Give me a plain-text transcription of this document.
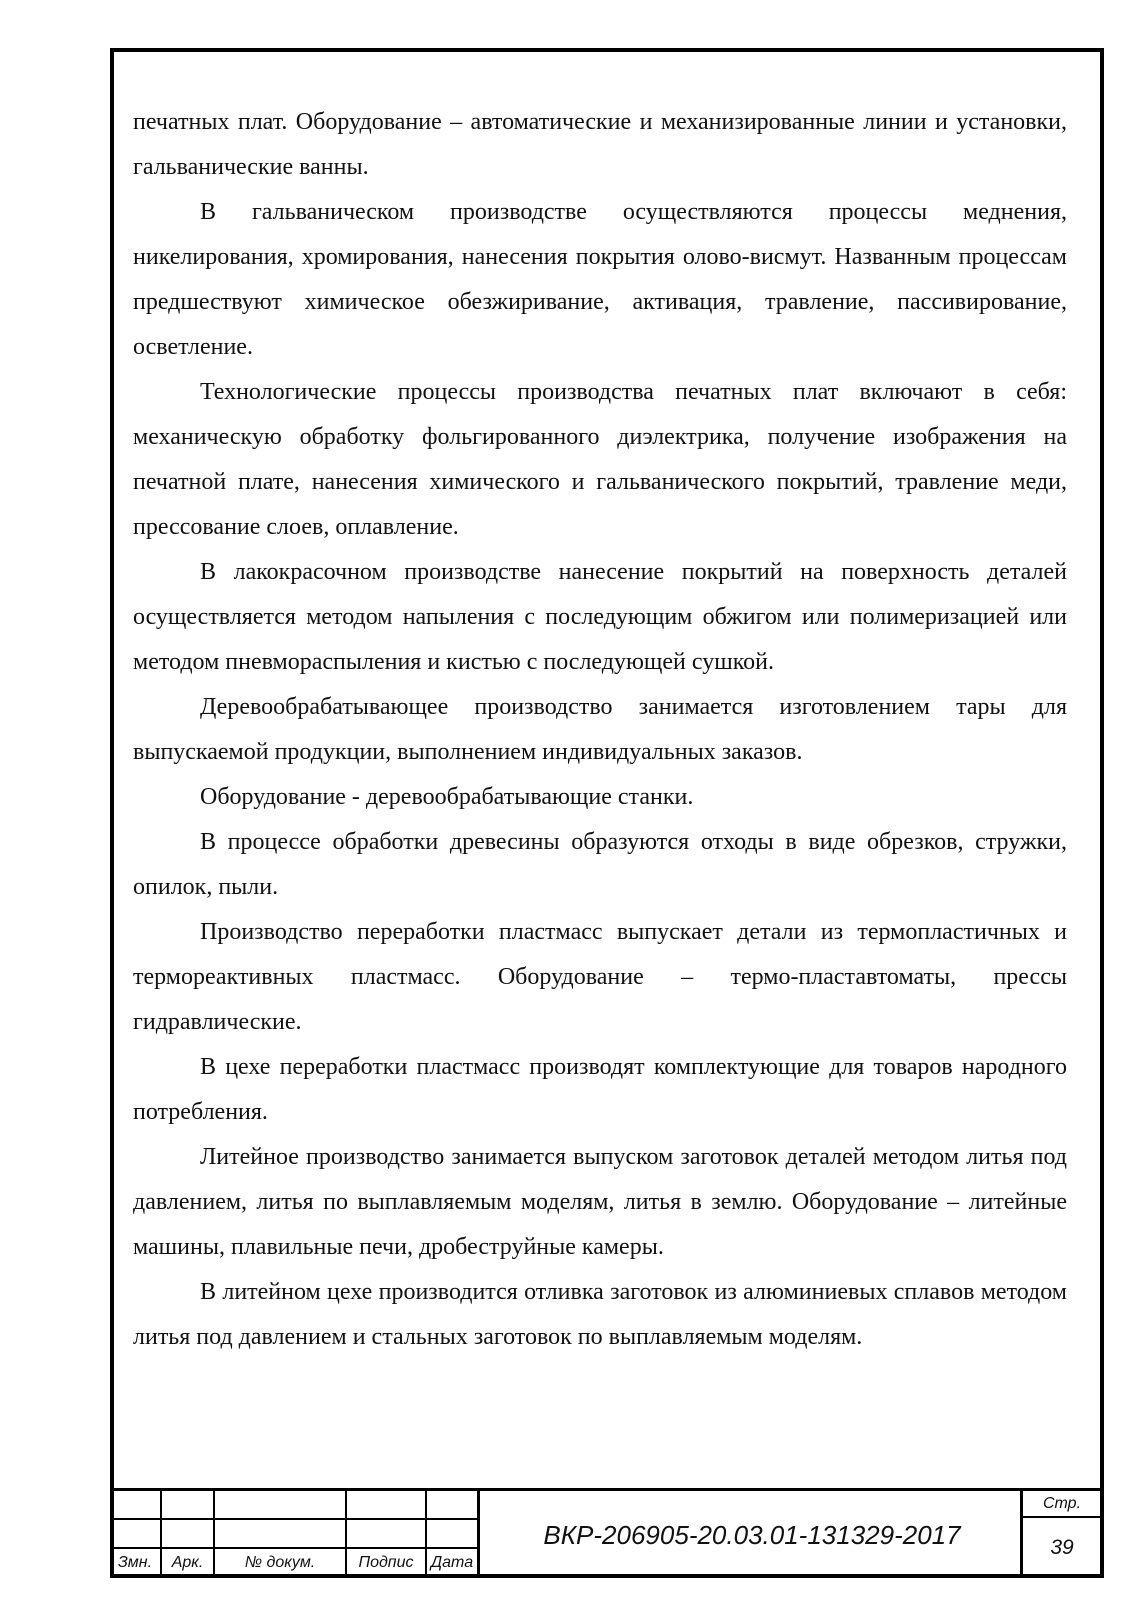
печатных плат. Оборудование – автоматические и механизированные линии и установки, гальванические ванны.

В гальваническом производстве осуществляются процессы меднения, никелирования, хромирования, нанесения покрытия олово-висмут. Названным процессам предшествуют химическое обезжиривание, активация, травление, пассивирование, осветление.

Технологические процессы производства печатных плат включают в себя: механическую обработку фольгированного диэлектрика, получение изображения на печатной плате, нанесения химического и гальванического покрытий, травление меди, прессование слоев, оплавление.

В лакокрасочном производстве нанесение покрытий на поверхность деталей осуществляется методом напыления с последующим обжигом или полимеризацией или методом пневмораспыления и кистью с последующей сушкой.

Деревообрабатывающее производство занимается изготовлением тары для выпускаемой продукции, выполнением индивидуальных заказов.

Оборудование - деревообрабатывающие станки.

В процессе обработки древесины образуются отходы в виде обрезков, стружки, опилок, пыли.

Производство переработки пластмасс выпускает детали из термопластичных и термореактивных пластмасс. Оборудование – термо-пластавтоматы, прессы гидравлические.

В цехе переработки пластмасс производят комплектующие для товаров народного потребления.

Литейное производство занимается выпуском заготовок деталей методом литья под давлением, литья по выплавляемым моделям, литья в землю. Оборудование – литейные машины, плавильные печи, дробеструйные камеры.

В литейном цехе производится отливка заготовок из алюминиевых сплавов методом литья под давлением и стальных заготовок по выплавляемым моделям.

Змн.	Арк.	№ докум.	Подпис	Дата
ВКР-206905-20.03.01-131329-2017
Стр.
39
